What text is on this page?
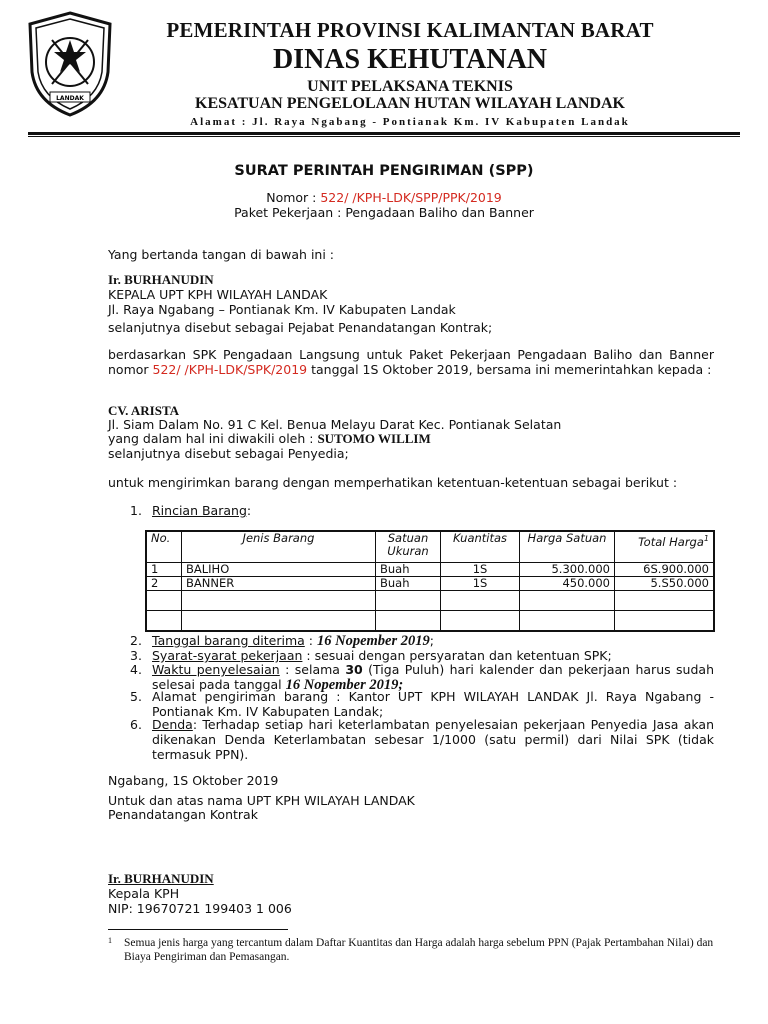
LANDAK
PEMERINTAH PROVINSI KALIMANTAN BARAT
DINAS KEHUTANAN
UNIT PELAKSANA TEKNIS
KESATUAN PENGELOLAAN HUTAN WILAYAH LANDAK
Alamat : Jl. Raya Ngabang - Pontianak Km. IV Kabupaten Landak
SURAT PERINTAH PENGIRIMAN (SPP)
Nomor : 522/ /KPH-LDK/SPP/PPK/2019
Paket Pekerjaan : Pengadaan Baliho dan Banner
Yang bertanda tangan di bawah ini :
Ir. BURHANUDIN
KEPALA UPT KPH WILAYAH LANDAK
Jl. Raya Ngabang – Pontianak Km. IV Kabupaten Landak
selanjutnya disebut sebagai Pejabat Penandatangan Kontrak;
berdasarkan SPK Pengadaan Langsung untuk Paket Pekerjaan Pengadaan Baliho dan Banner nomor 522/ /KPH-LDK/SPK/2019 tanggal 1S Oktober 2019, bersama ini memerintahkan kepada :
CV. ARISTA
Jl. Siam Dalam No. 91 C Kel. Benua Melayu Darat Kec. Pontianak Selatan
yang dalam hal ini diwakili oleh : SUTOMO WILLIM
selanjutnya disebut sebagai Penyedia;
untuk mengirimkan barang dengan memperhatikan ketentuan-ketentuan sebagai berikut :
1. Rincian Barang:
No.	Jenis Barang	Satuan Ukuran	Kuantitas	Harga Satuan	Total Harga$^1$
1	BALIHO	Buah	1S	5.300.000	6S.900.000
2	BANNER	Buah	1S	450.000	5.S50.000

2. Tanggal barang diterima : 16 Nopember 2019;
3. Syarat-syarat pekerjaan : sesuai dengan persyaratan dan ketentuan SPK;
4. Waktu penyelesaian : selama 30 (Tiga Puluh) hari kalender dan pekerjaan harus sudah selesai pada tanggal 16 Nopember 2019;
5. Alamat pengiriman barang : Kantor UPT KPH WILAYAH LANDAK Jl. Raya Ngabang - Pontianak Km. IV Kabupaten Landak;
6. Denda: Terhadap setiap hari keterlambatan penyelesaian pekerjaan Penyedia Jasa akan dikenakan Denda Keterlambatan sebesar 1/1000 (satu permil) dari Nilai SPK (tidak termasuk PPN).
Ngabang, 1S Oktober 2019
Untuk dan atas nama UPT KPH WILAYAH LANDAK
Penandatangan Kontrak
Ir. BURHANUDIN
Kepala KPH
NIP: 19670721 199403 1 006
1	Semua jenis harga yang tercantum dalam Daftar Kuantitas dan Harga adalah harga sebelum PPN (Pajak Pertambahan Nilai) dan Biaya Pengiriman dan Pemasangan.
